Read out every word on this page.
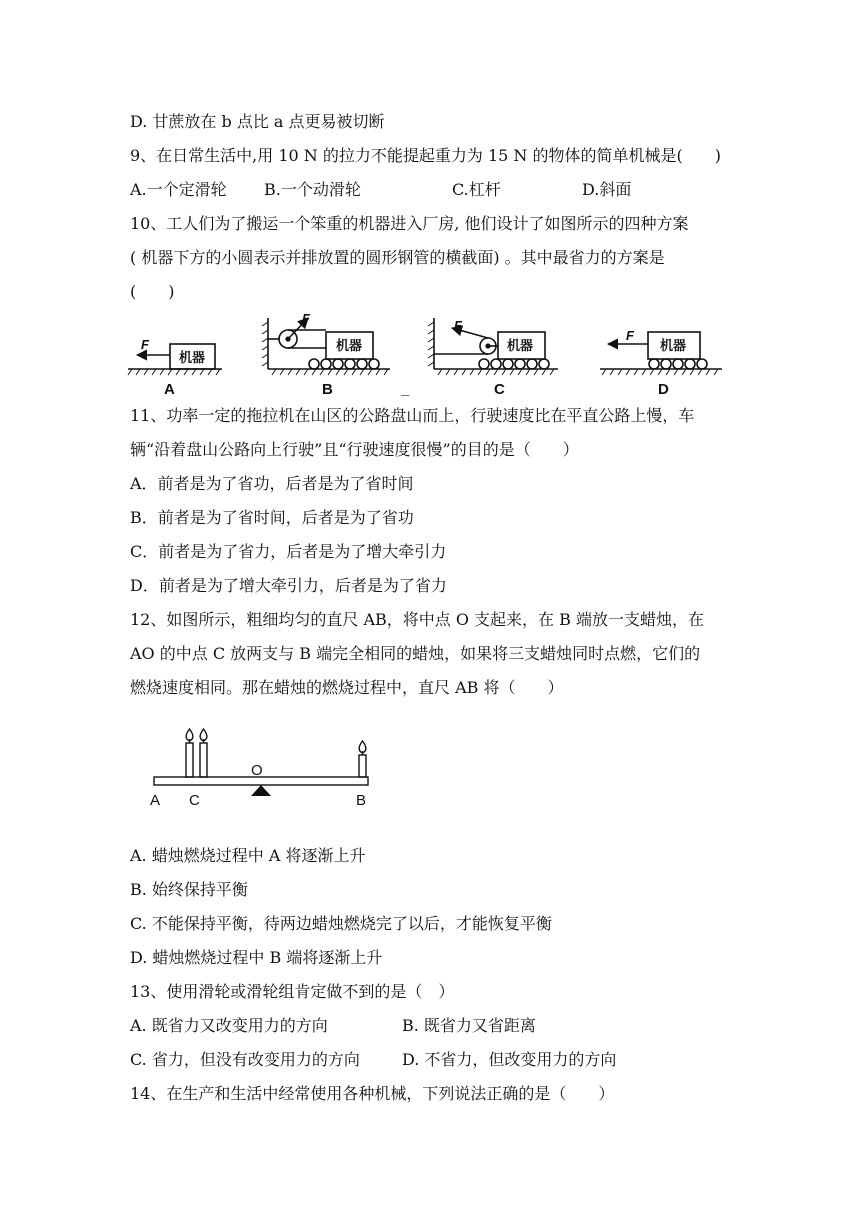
D. 甘蔗放在 b 点比 a 点更易被切断
9、在日常生活中,用 10 N 的拉力不能提起重力为 15 N 的物体的简单机械是(　　)
A.一个定滑轮	B.一个动滑轮	C.杠杆	D.斜面
10、工人们为了搬运一个笨重的机器进入厂房, 他们设计了如图所示的四种方案
( 机器下方的小圆表示并排放置的圆形钢管的横截面) 。其中最省力的方案是
(　　)
F
机器
F
机器
F
机器
F
机器
A	B	_	C	D
11、功率一定的拖拉机在山区的公路盘山而上，行驶速度比在平直公路上慢，车
辆“沿着盘山公路向上行驶”且“行驶速度很慢”的目的是（　　）
A．前者是为了省功，后者是为了省时间
B．前者是为了省时间，后者是为了省功
C．前者是为了省力，后者是为了增大牵引力
D．前者是为了增大牵引力，后者是为了省力
12、如图所示，粗细均匀的直尺 AB，将中点 O 支起来，在 B 端放一支蜡烛，在
AO 的中点 C 放两支与 B 端完全相同的蜡烛，如果将三支蜡烛同时点燃，它们的
燃烧速度相同。那在蜡烛的燃烧过程中，直尺 AB 将（　　）
A C
O
B
A. 蜡烛燃烧过程中 A 将逐渐上升
B. 始终保持平衡
C. 不能保持平衡，待两边蜡烛燃烧完了以后，才能恢复平衡
D. 蜡烛燃烧过程中 B 端将逐渐上升
13、使用滑轮或滑轮组肯定做不到的是（　）
A. 既省力又改变用力的方向	B. 既省力又省距离
C. 省力，但没有改变用力的方向	D. 不省力，但改变用力的方向
14、在生产和生活中经常使用各种机械，下列说法正确的是（　　）
